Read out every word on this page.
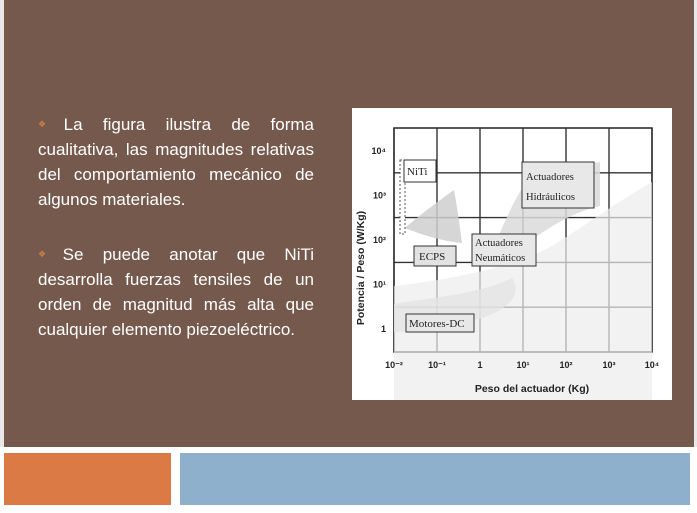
❖ La figura ilustra de forma cualitativa, las magnitudes relativas del comportamiento mecánico de algunos materiales.

❖ Se puede anotar que NiTi desarrolla fuerzas tensiles de un orden de magnitud más alta que cualquier elemento piezoeléctrico.

NiTi
ECPS
Motores-DC
Actuadores
Hidráulicos
Actuadores
Neumáticos
10⁻²	10⁻¹	1	10¹	10²	10³	10⁴
1
10¹
10²
10³
10⁴
Peso del actuador (Kg)
Potencia / Peso (W/Kg)
